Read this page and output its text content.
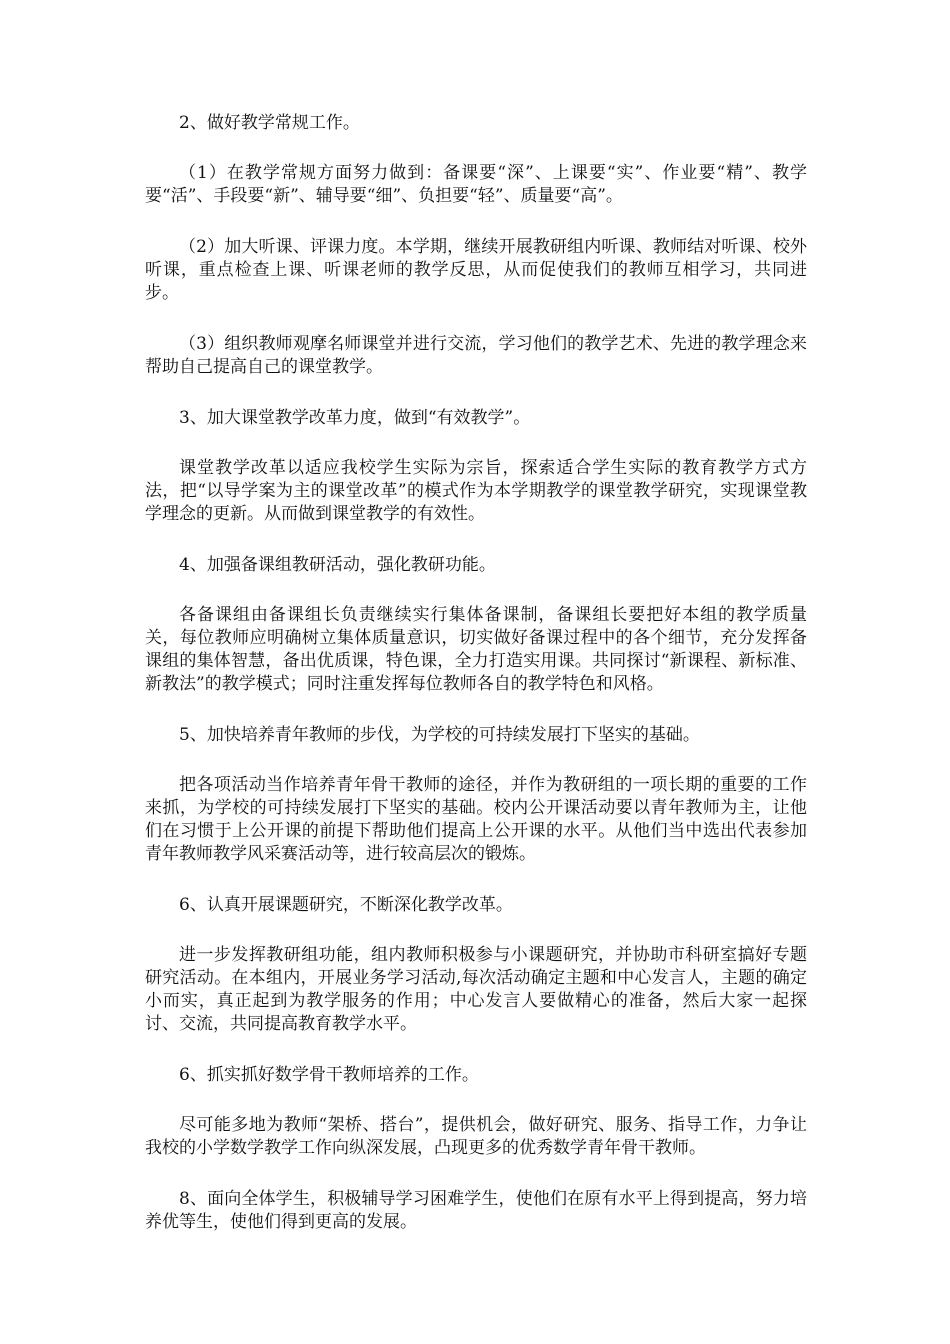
2、做好教学常规工作。

（1）在教学常规方面努力做到：备课要“深”、上课要“实”、作业要“精”、教学要“活”、手段要“新”、辅导要“细”、负担要“轻”、质量要“高”。

（2）加大听课、评课力度。本学期，继续开展教研组内听课、教师结对听课、校外听课，重点检查上课、听课老师的教学反思，从而促使我们的教师互相学习，共同进步。

（3）组织教师观摩名师课堂并进行交流，学习他们的教学艺术、先进的教学理念来帮助自己提高自己的课堂教学。

3、加大课堂教学改革力度，做到“有效教学”。

课堂教学改革以适应我校学生实际为宗旨，探索适合学生实际的教育教学方式方法，把“以导学案为主的课堂改革”的模式作为本学期教学的课堂教学研究，实现课堂教学理念的更新。从而做到课堂教学的有效性。

4、加强备课组教研活动，强化教研功能。

各备课组由备课组长负责继续实行集体备课制，备课组长要把好本组的教学质量关，每位教师应明确树立集体质量意识，切实做好备课过程中的各个细节，充分发挥备课组的集体智慧，备出优质课，特色课，全力打造实用课。共同探讨“新课程、新标准、新教法”的教学模式；同时注重发挥每位教师各自的教学特色和风格。

5、加快培养青年教师的步伐，为学校的可持续发展打下坚实的基础。

把各项活动当作培养青年骨干教师的途径，并作为教研组的一项长期的重要的工作来抓，为学校的可持续发展打下坚实的基础。校内公开课活动要以青年教师为主，让他们在习惯于上公开课的前提下帮助他们提高上公开课的水平。从他们当中选出代表参加青年教师教学风采赛活动等，进行较高层次的锻炼。

6、认真开展课题研究，不断深化教学改革。

进一步发挥教研组功能，组内教师积极参与小课题研究，并协助市科研室搞好专题研究活动。在本组内，开展业务学习活动,每次活动确定主题和中心发言人，主题的确定小而实，真正起到为教学服务的作用；中心发言人要做精心的准备，然后大家一起探讨、交流，共同提高教育教学水平。

6、抓实抓好数学骨干教师培养的工作。

尽可能多地为教师“架桥、搭台”，提供机会，做好研究、服务、指导工作，力争让我校的小学数学教学工作向纵深发展，凸现更多的优秀数学青年骨干教师。

8、面向全体学生，积极辅导学习困难学生，使他们在原有水平上得到提高，努力培养优等生，使他们得到更高的发展。
